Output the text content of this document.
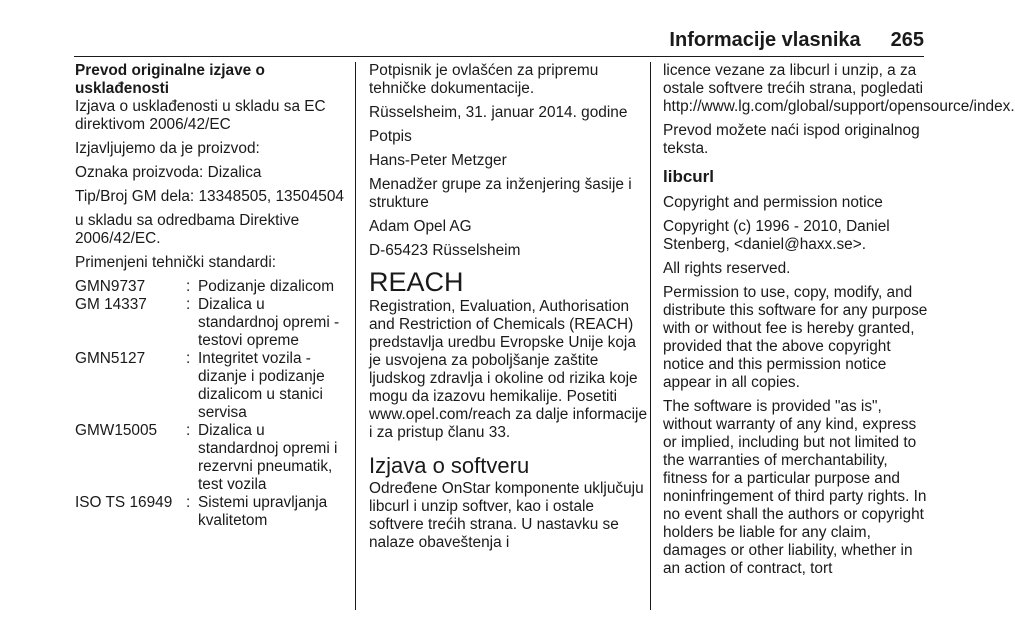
Informacije vlasnika 265
Prevod originalne izjave o
usklađenosti

Izjava o usklađenosti u skladu sa EC direktivom 2006/42/EC

Izjavljujemo da je proizvod:

Oznaka proizvoda: Dizalica

Tip/Broj GM dela: 13348505, 13504504

u skladu sa odredbama Direktive 2006/42/EC.

Primenjeni tehnički standardi:

GMN9737	: Podizanje dizalicom
GM 14337	: Dizalica u standardnoj opremi - testovi opreme
GMN5127	: Integritet vozila - dizanje i podizanje dizalicom u stanici servisa
GMW15005	: Dizalica u standardnoj opremi i rezervni pneumatik, test vozila
ISO TS 16949 : Sistemi upravljanja kvalitetom

Potpisnik je ovlašćen za pripremu tehničke dokumentacije.

Rüsselsheim, 31. januar 2014. godine

Potpis

Hans-Peter Metzger

Menadžer grupe za inženjering šasije i strukture

Adam Opel AG

D-65423 Rüsselsheim

REACH

Registration, Evaluation, Authorisation and Restriction of Chemicals (REACH) predstavlja uredbu Evropske Unije koja je usvojena za poboljšanje zaštite ljudskog zdravlja i okoline od rizika koje mogu da izazovu hemikalije. Posetiti www.opel.com/reach za dalje informacije i za pristup članu 33.

Izjava o softveru

Određene OnStar komponente uključuju libcurl i unzip softver, kao i ostale softvere trećih strana. U nastavku se nalaze obaveštenja i

licence vezane za libcurl i unzip, a za ostale softvere trećih strana, pogledati http://www.lg.com/global/support/opensource/index.

Prevod možete naći ispod originalnog teksta.

libcurl

Copyright and permission notice

Copyright (c) 1996 - 2010, Daniel Stenberg, <daniel@haxx.se>.

All rights reserved.

Permission to use, copy, modify, and distribute this software for any purpose with or without fee is hereby granted, provided that the above copyright notice and this permission notice appear in all copies.

The software is provided "as is", without warranty of any kind, express or implied, including but not limited to the warranties of merchantability, fitness for a particular purpose and noninfringement of third party rights. In no event shall the authors or copyright holders be liable for any claim, damages or other liability, whether in an action of contract, tort
